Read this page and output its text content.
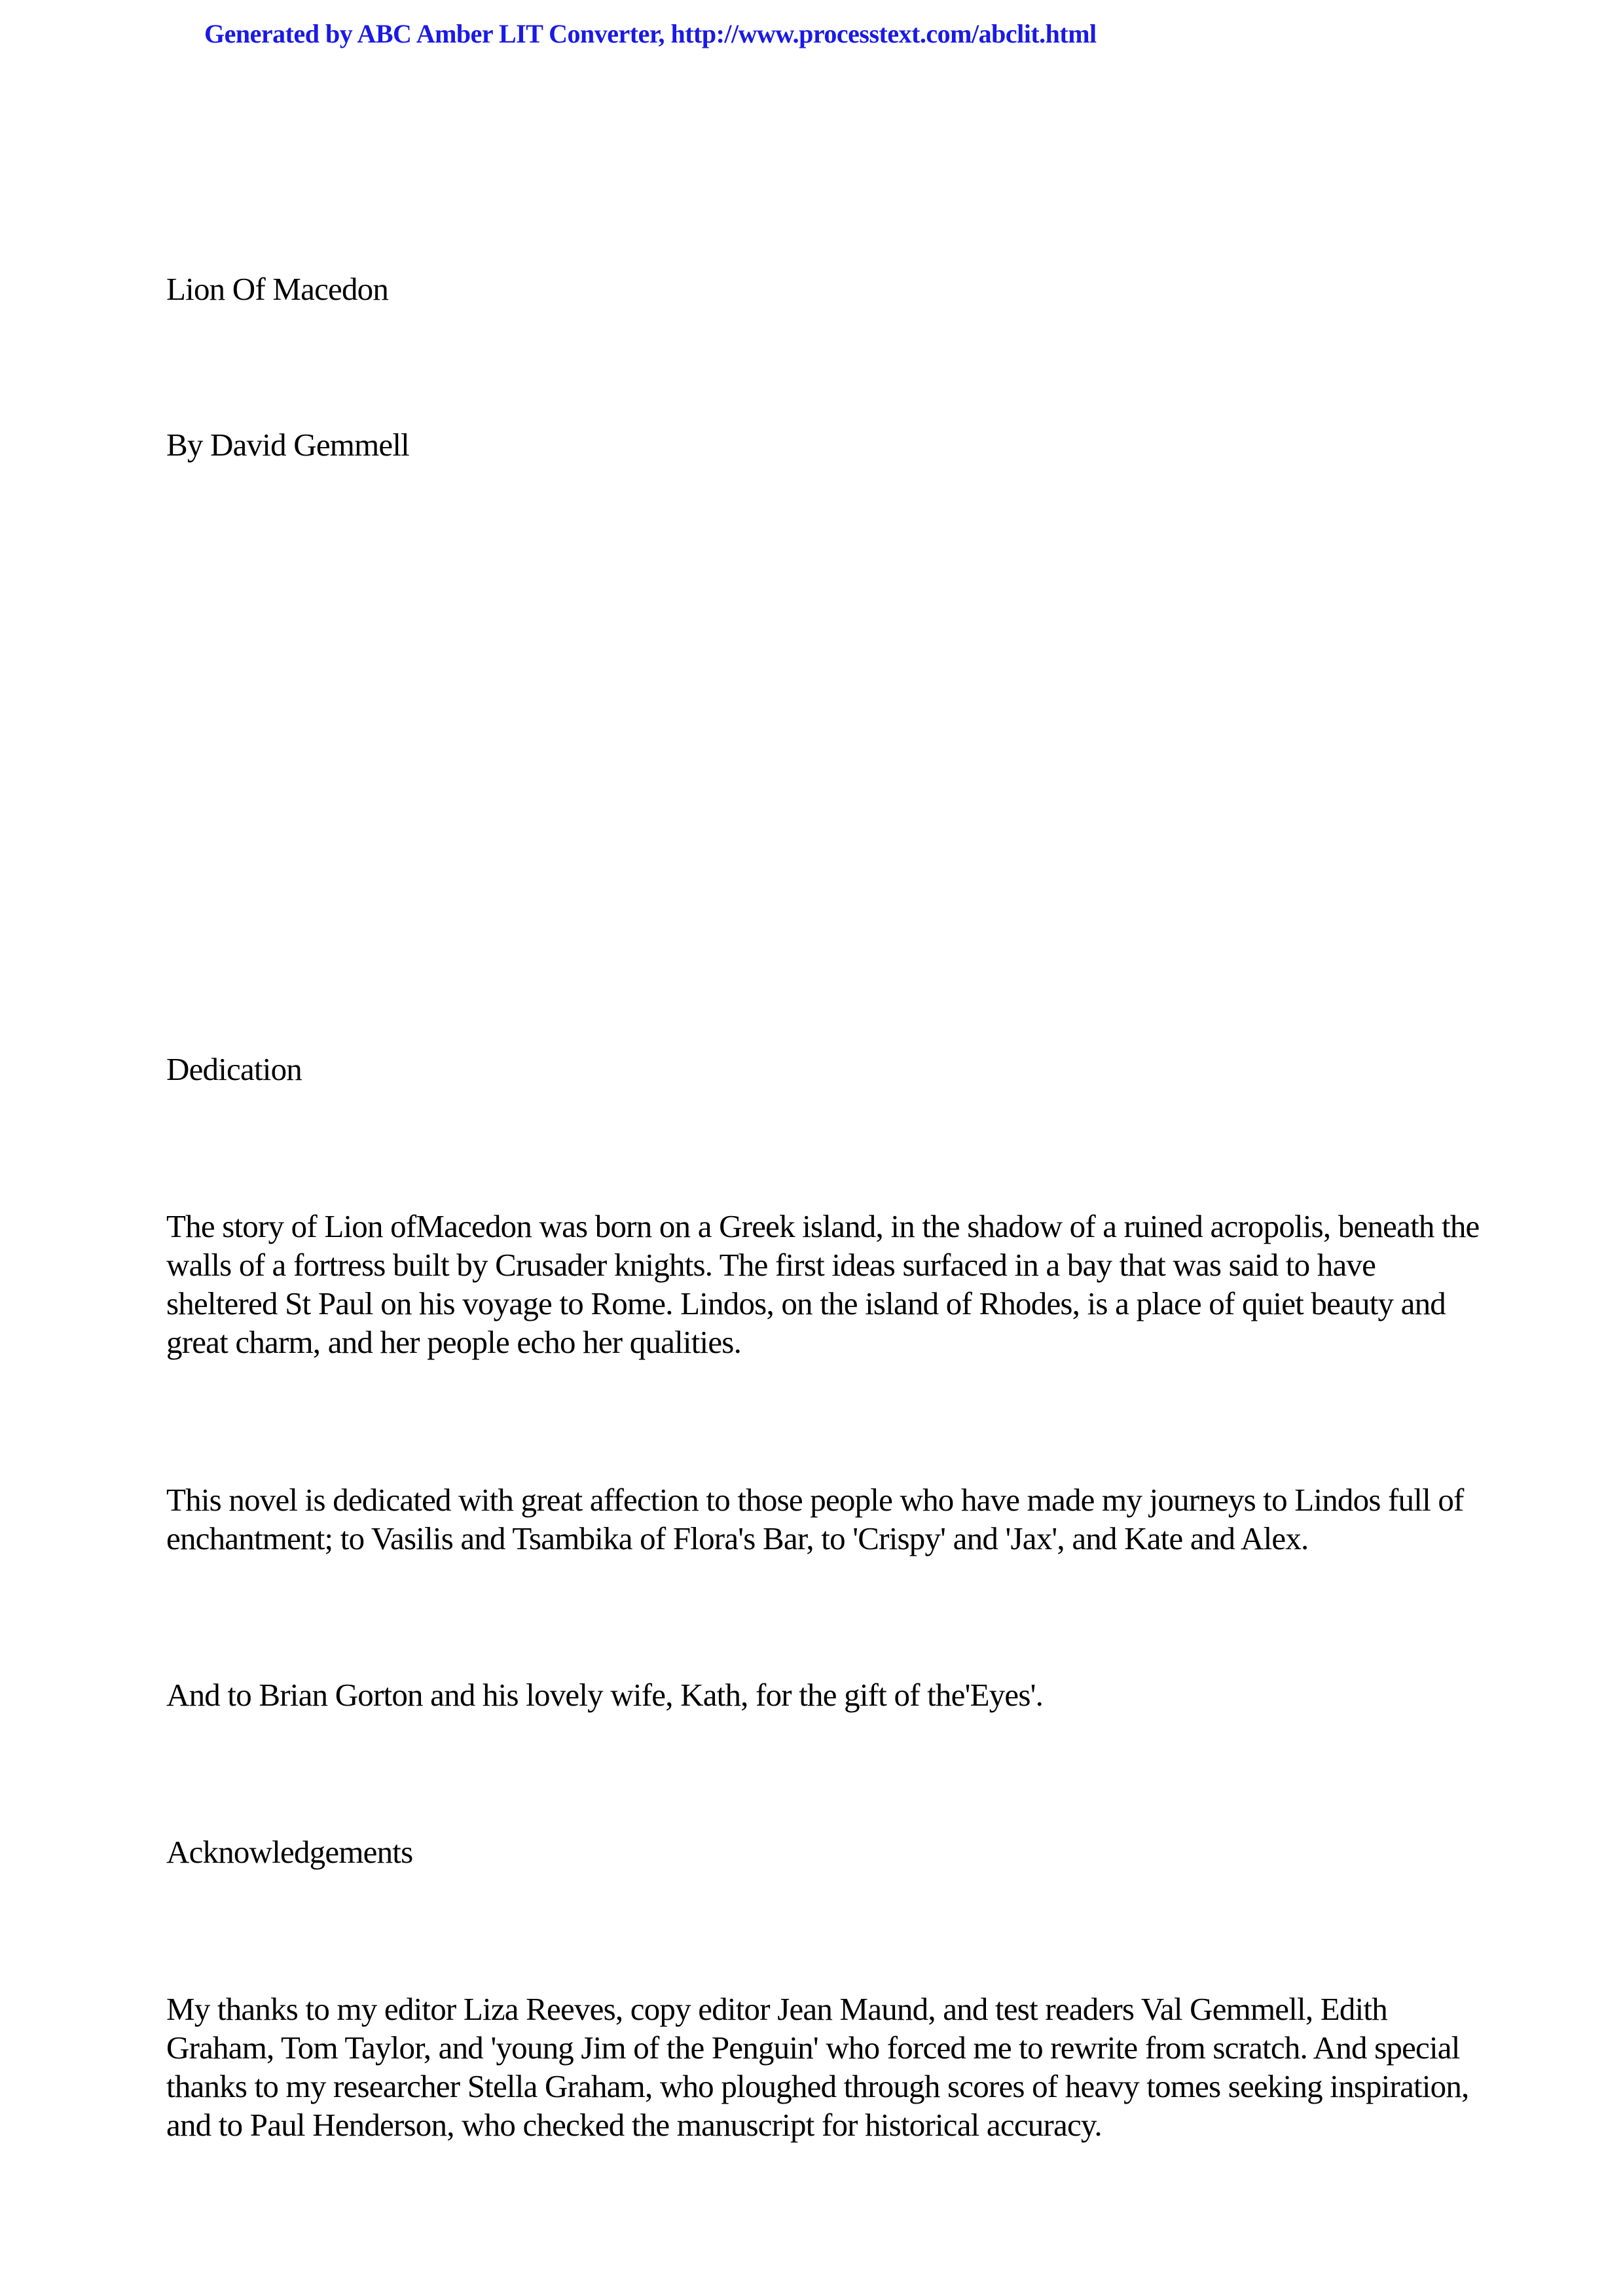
Generated by ABC Amber LIT Converter, http://www.processtext.com/abclit.html
Lion Of Macedon
By David Gemmell
Dedication
The story of Lion ofMacedon was born on a Greek island, in the shadow of a ruined acropolis, beneath the walls of a fortress built by Crusader knights. The first ideas surfaced in a bay that was said to have sheltered St Paul on his voyage to Rome. Lindos, on the island of Rhodes, is a place of quiet beauty and great charm, and her people echo her qualities.
This novel is dedicated with great affection to those people who have made my journeys to Lindos full of enchantment; to Vasilis and Tsambika of Flora's Bar, to 'Crispy' and 'Jax', and Kate and Alex.
And to Brian Gorton and his lovely wife, Kath, for the gift of the'Eyes'.
Acknowledgements
My thanks to my editor Liza Reeves, copy editor Jean Maund, and test readers Val Gemmell, Edith Graham, Tom Taylor, and 'young Jim of the Penguin' who forced me to rewrite from scratch. And special thanks to my researcher Stella Graham, who ploughed through scores of heavy tomes seeking inspiration, and to Paul Henderson, who checked the manuscript for historical accuracy.
